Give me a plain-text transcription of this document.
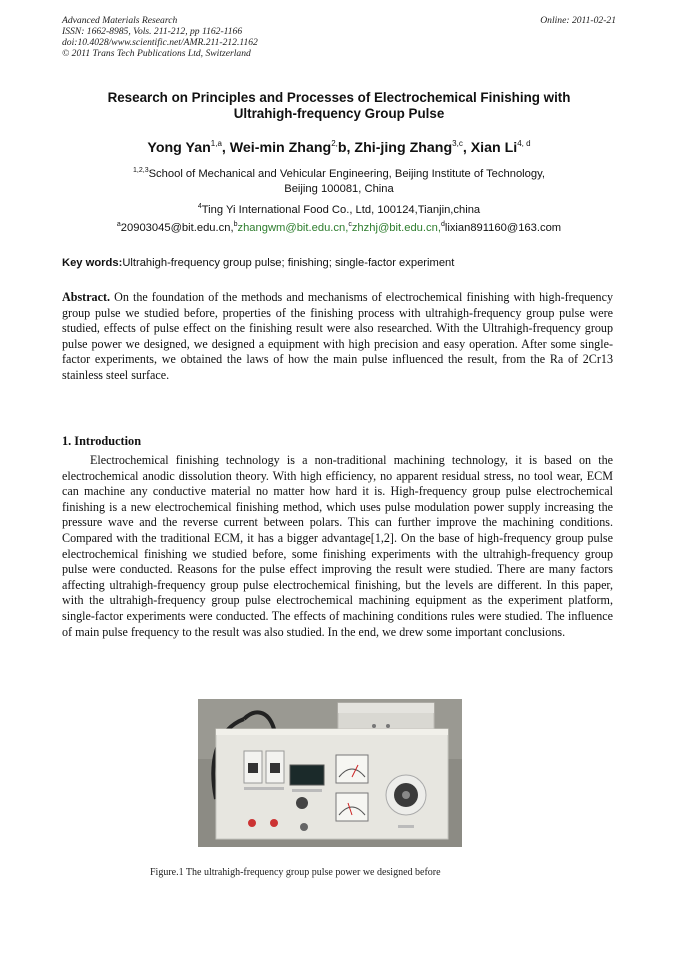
Advanced Materials Research
ISSN: 1662-8985, Vols. 211-212, pp 1162-1166
doi:10.4028/www.scientific.net/AMR.211-212.1162
© 2011 Trans Tech Publications Ltd, Switzerland
Online: 2011-02-21
Research on Principles and Processes of Electrochemical Finishing with
Ultrahigh-frequency Group Pulse
Yong Yan$^{1,a}$, Wei-min Zhang$^{2,}$b, Zhi-jing Zhang$^{3,c}$, Xian Li$^{4, d}$
$^{1,2,3}$School of Mechanical and Vehicular Engineering, Beijing Institute of Technology,
Beijing 100081, China
$^4$Ting Yi International Food Co., Ltd, 100124,Tianjin,china
$^a$20903045@bit.edu.cn,$^b$zhangwm@bit.edu.cn,$^c$zhzhj@bit.edu.cn,$^d$lixian891160@163.com
Key words:Ultrahigh-frequency group pulse; finishing; single-factor experiment
Abstract. On the foundation of the methods and mechanisms of electrochemical finishing with high-frequency group pulse we studied before, properties of the finishing process with ultrahigh-frequency group pulse were studied, effects of pulse effect on the finishing result were also researched. With the Ultrahigh-frequency group pulse power we designed, we designed a equipment with high precision and easy operation. After some single-factor experiments, we obtained the laws of how the main pulse influenced the result, from the Ra of 2Cr13 stainless steel surface.
1. Introduction
Electrochemical finishing technology is a non-traditional machining technology, it is based on the electrochemical anodic dissolution theory. With high efficiency, no apparent residual stress, no tool wear, ECM can machine any conductive material no matter how hard it is. High-frequency group pulse electrochemical finishing is a new electrochemical finishing method, which uses pulse modulation power supply increasing the pressure wave and the reverse current between polars. This can further improve the machining conditions. Compared with the traditional ECM, it has a bigger advantage[1,2]. On the base of high-frequency group pulse electrochemical finishing we studied before, some finishing experiments with the ultrahigh-frequency group pulse were conducted. Reasons for the pulse effect improving the result were studied. There are many factors affecting ultrahigh-frequency group pulse electrochemical finishing, but the levels are different. In this paper, with the ultrahigh-frequency group pulse electrochemical machining equipment as the experiment platform, single-factor experiments were conducted. The effects of machining conditions rules were studied. The influence of main pulse frequency to the result was also studied. In the end, we drew some important conclusions.
Figure.1 The ultrahigh-frequency group pulse power we designed before
